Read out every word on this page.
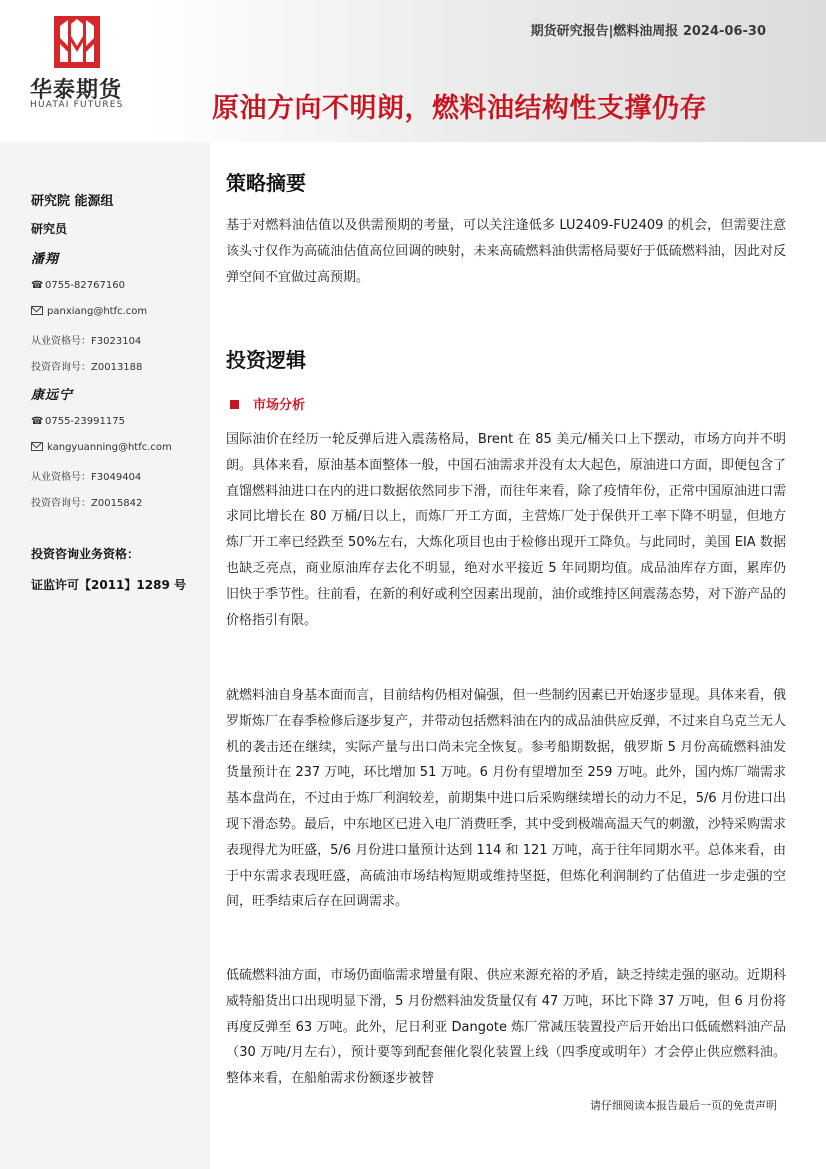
华泰期货
HUATAI FUTURES
期货研究报告|燃料油周报 2024-06-30
原油方向不明朗，燃料油结构性支撑仍存
研究院 能源组
研究员
潘翔
☎ 0755-82767160
panxiang@htfc.com
从业资格号：F3023104
投资咨询号：Z0013188
康远宁
☎ 0755-23991175
kangyuanning@htfc.com
从业资格号：F3049404
投资咨询号：Z0015842
投资咨询业务资格：
证监许可【2011】1289 号
策略摘要
基于对燃料油估值以及供需预期的考量，可以关注逢低多 LU2409-FU2409 的机会，但需要注意该头寸仅作为高硫油估值高位回调的映射，未来高硫燃料油供需格局要好于低硫燃料油，因此对反弹空间不宜做过高预期。
投资逻辑
市场分析
国际油价在经历一轮反弹后进入震荡格局，Brent 在 85 美元/桶关口上下摆动，市场方向并不明朗。具体来看，原油基本面整体一般，中国石油需求并没有太大起色，原油进口方面，即便包含了直馏燃料油进口在内的进口数据依然同步下滑，而往年来看，除了疫情年份，正常中国原油进口需求同比增长在 80 万桶/日以上，而炼厂开工方面，主营炼厂处于保供开工率下降不明显，但地方炼厂开工率已经跌至 50%左右，大炼化项目也由于检修出现开工降负。与此同时，美国 EIA 数据也缺乏亮点，商业原油库存去化不明显，绝对水平接近 5 年同期均值。成品油库存方面，累库仍旧快于季节性。往前看，在新的利好或利空因素出现前，油价或维持区间震荡态势，对下游产品的价格指引有限。
就燃料油自身基本面而言，目前结构仍相对偏强，但一些制约因素已开始逐步显现。具体来看，俄罗斯炼厂在春季检修后逐步复产，并带动包括燃料油在内的成品油供应反弹，不过来自乌克兰无人机的袭击还在继续，实际产量与出口尚未完全恢复。参考船期数据，俄罗斯 5 月份高硫燃料油发货量预计在 237 万吨，环比增加 51 万吨。6 月份有望增加至 259 万吨。此外，国内炼厂端需求基本盘尚在，不过由于炼厂利润较差，前期集中进口后采购继续增长的动力不足，5/6 月份进口出现下滑态势。最后，中东地区已进入电厂消费旺季，其中受到极端高温天气的刺激，沙特采购需求表现得尤为旺盛，5/6 月份进口量预计达到 114 和 121 万吨，高于往年同期水平。总体来看，由于中东需求表现旺盛，高硫油市场结构短期或维持坚挺，但炼化利润制约了估值进一步走强的空间，旺季结束后存在回调需求。
低硫燃料油方面，市场仍面临需求增量有限、供应来源充裕的矛盾，缺乏持续走强的驱动。近期科威特船货出口出现明显下滑，5 月份燃料油发货量仅有 47 万吨，环比下降 37 万吨，但 6 月份将再度反弹至 63 万吨。此外，尼日利亚 Dangote 炼厂常减压装置投产后开始出口低硫燃料油产品（30 万吨/月左右），预计要等到配套催化裂化装置上线（四季度或明年）才会停止供应燃料油。整体来看，在船舶需求份额逐步被替
请仔细阅读本报告最后一页的免责声明
